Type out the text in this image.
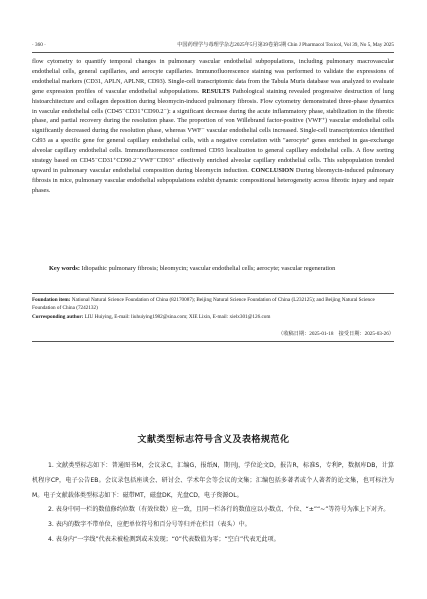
· 360 ·	中国药理学与毒理学杂志2025年5月第39卷第5期 Chin J Pharmacol Toxicol, Vol 39, No 5, May 2025

flow cytometry to quantify temporal changes in pulmonary vascular endothelial subpopulations, including pulmonary macrovascular endothelial cells, general capillaries, and aerocyte capillaries. Immunofluorescence staining was performed to validate the expressions of endothelial markers (CD31, APLN, APLNR, CD93). Single-cell transcriptomic data from the Tabula Muris database was analyzed to evaluate gene expression profiles of vascular endothelial subpopulations. RESULTS Pathological staining revealed progressive destruction of lung histoarchitecture and collagen deposition during bleomycin-induced pulmonary fibrosis. Flow cytometry demonstrated three-phase dynamics in vascular endothelial cells (CD45⁻CD31⁺CD90.2⁻): a significant decrease during the acute inflammatory phase, stabilization in the fibrotic phase, and partial recovery during the resolution phase. The proportion of von Willebrand factor-positive (VWF⁺) vascular endothelial cells significantly decreased during the resolution phase, whereas VWF⁻ vascular endothelial cells increased. Single-cell transcriptomics identified Cd93 as a specific gene for general capillary endothelial cells, with a negative correlation with "aerocyte" genes enriched in gas-exchange alveolar capillary endothelial cells. Immunofluorescence confirmed CD93 localization to general capillary endothelial cells. A flow sorting strategy based on CD45⁻CD31⁺CD90.2⁻VWF⁻CD93⁺ effectively enriched alveolar capillary endothelial cells. This subpopulation trended upward in pulmonary vascular endothelial composition during bleomycin induction. CONCLUSION During bleomycin-induced pulmonary fibrosis in mice, pulmonary vascular endothelial subpopulations exhibit dynamic compositional heterogeneity across fibrotic injury and repair phases.

Key words: Idiopathic pulmonary fibrosis; bleomycin; vascular endothelial cells; aerocyte; vascular regeneration

Foundation item: National Natural Science Foundation of China (82170087); Beijing Natural Science Foundation of China (L232125); and Beijing Natural Science Foundation of China (7242132)
Corresponding author: LIU Huiying, E-mail: liuhuiying1982@sina.com; XIE Lixin, E-mail: xielx301@126.com

（收稿日期：2025-01-18　接受日期：2025-03-26）
文献类型标志符号含义及表格规范化
1. 文献类型标志如下：普通图书M，会议录C，汇编G，报纸N，期刊J，学位论文D，报告R，标准S，专利P，数据库DB，计算机程序CP，电子公告EB。会议录包括座谈会、研讨会、学术年会等会议的文集；汇编包括多著者或个人著者的论文集，也可标注为M。电子文献载体类型标志如下：磁带MT，磁盘DK，光盘CD，电子资源OL。
2. 表身中同一栏的数值修约位数（有效位数）应一致，且同一栏各行的数值应以小数点、个位、“±”“~”等符号为准上下对齐。
3. 表内的数字不带单位，应把单位符号和百分号等归并在栏目（表头）中。
4. 表身内“一字线”代表未被检测到或未发现；“0”代表数值为零；“空白”代表无此项。
